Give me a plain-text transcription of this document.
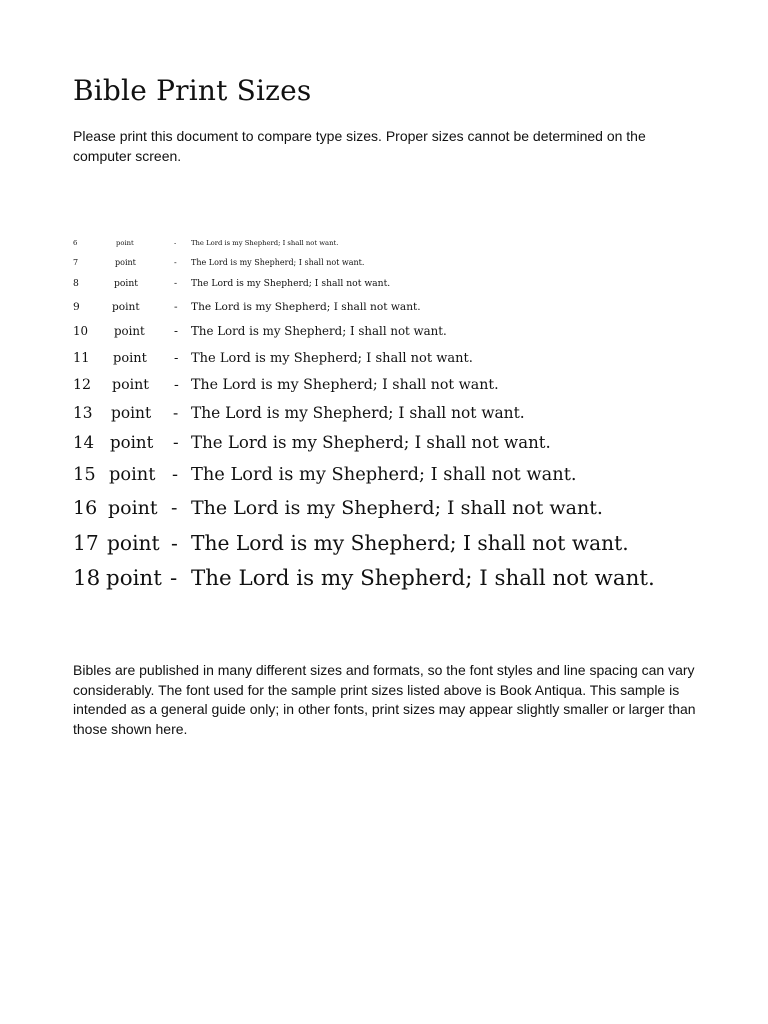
Bible Print Sizes

Please print this document to compare type sizes. Proper sizes cannot be determined on the computer screen.

6	point	- The Lord is my Shepherd; I shall not want.
7	point	- The Lord is my Shepherd; I shall not want.
8	point	- The Lord is my Shepherd; I shall not want.
9	point	- The Lord is my Shepherd; I shall not want.
10 point - The Lord is my Shepherd; I shall not want.
11 point - The Lord is my Shepherd; I shall not want.
12 point - The Lord is my Shepherd; I shall not want.
13 point - The Lord is my Shepherd; I shall not want.
14 point - The Lord is my Shepherd; I shall not want.
15 point - The Lord is my Shepherd; I shall not want.
16 point - The Lord is my Shepherd; I shall not want.
17 point - The Lord is my Shepherd; I shall not want.
18 point - The Lord is my Shepherd; I shall not want.

Bibles are published in many different sizes and formats, so the font styles and line spacing can vary considerably. The font used for the sample print sizes listed above is Book Antiqua. This sample is intended as a general guide only; in other fonts, print sizes may appear slightly smaller or larger than those shown here.
